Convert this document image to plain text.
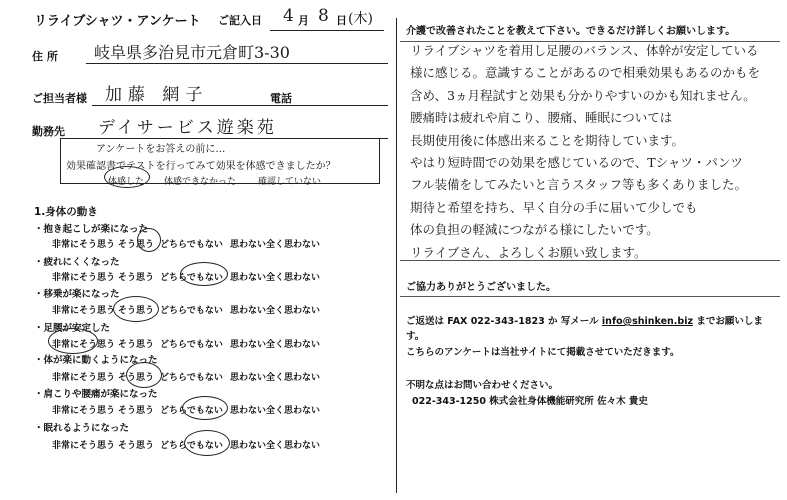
リライブシャツ・アンケート ご記入日 4 月 8 日 (木)
住 所 岐阜県多治見市元倉町3-30
ご担当者様 加藤 網子	電話
勤務先 デイサービス遊楽苑
アンケートをお答えの前に…
効果確認書でテストを行ってみて効果を体感できましたか？
体感した 体感できなかった 確認していない
1.身体の動き
・抱き起こしが楽になった
非常にそう思う そう思う どちらでもない 思わない 全く思わない
・疲れにくくなった
非常にそう思う そう思う どちらでもない 思わない 全く思わない
・移乗が楽になった
非常にそう思う そう思う どちらでもない 思わない 全く思わない
・足腰が安定した
非常にそう思う そう思う どちらでもない 思わない 全く思わない
・体が楽に動くようになった
非常にそう思う そう思う どちらでもない 思わない 全く思わない
・肩こりや腰痛が楽になった
非常にそう思う そう思う どちらでもない 思わない 全く思わない
・眠れるようになった
非常にそう思う そう思う どちらでもない 思わない 全く思わない
介護で改善されたことを教えて下さい。できるだけ詳しくお願いします。
リライブシャツを着用し足腰のバランス、体幹が安定している
様に感じる。意識することがあるので相乗効果もあるのかもを
含め、3ヵ月程試すと効果も分かりやすいのかも知れません。
腰痛時は疲れや肩こり、腰痛、睡眠については
長期使用後に体感出来ることを期待しています。
やはり短時間での効果を感じているので、Tシャツ・パンツ
フル装備をしてみたいと言うスタッフ等も多くありました。
期待と希望を持ち、早く自分の手に届いて少しでも
体の負担の軽減につながる様にしたいです。
リライブさん、よろしくお願い致します。
ご協力ありがとうございました。
ご返送は FAX 022-343-1823 か 写メール info@shinken.biz までお願いしま
す。
こちらのアンケートは当社サイトにて掲載させていただきます。
不明な点はお問い合わせください。
022-343-1250 株式会社身体機能研究所 佐々木 貴史
